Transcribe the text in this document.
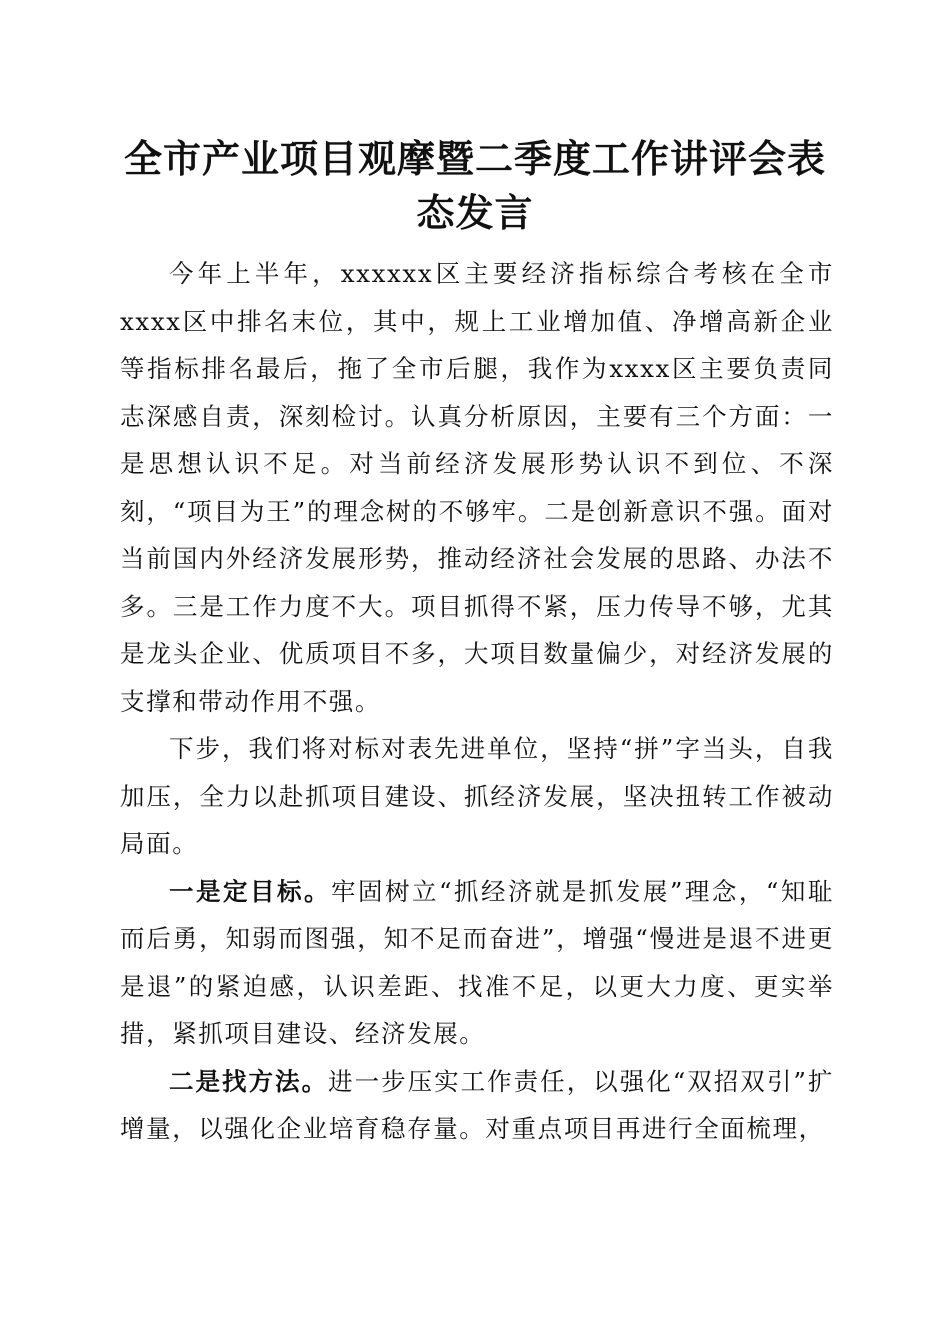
全市产业项目观摩暨二季度工作讲评会表态发言

今年上半年，xxxxxx区主要经济指标综合考核在全市xxxx区中排名末位，其中，规上工业增加值、净增高新企业等指标排名最后，拖了全市后腿，我作为xxxx区主要负责同志深感自责，深刻检讨。认真分析原因，主要有三个方面：一是思想认识不足。对当前经济发展形势认识不到位、不深刻，“项目为王”的理念树的不够牢。二是创新意识不强。面对当前国内外经济发展形势，推动经济社会发展的思路、办法不多。三是工作力度不大。项目抓得不紧，压力传导不够，尤其是龙头企业、优质项目不多，大项目数量偏少，对经济发展的支撑和带动作用不强。

下步，我们将对标对表先进单位，坚持“拼”字当头，自我加压，全力以赴抓项目建设、抓经济发展，坚决扭转工作被动局面。

一是定目标。牢固树立“抓经济就是抓发展”理念，“知耻而后勇，知弱而图强，知不足而奋进”，增强“慢进是退不进更是退”的紧迫感，认识差距、找准不足，以更大力度、更实举措，紧抓项目建设、经济发展。

二是找方法。进一步压实工作责任，以强化“双招双引”扩增量，以强化企业培育稳存量。对重点项目再进行全面梳理，
